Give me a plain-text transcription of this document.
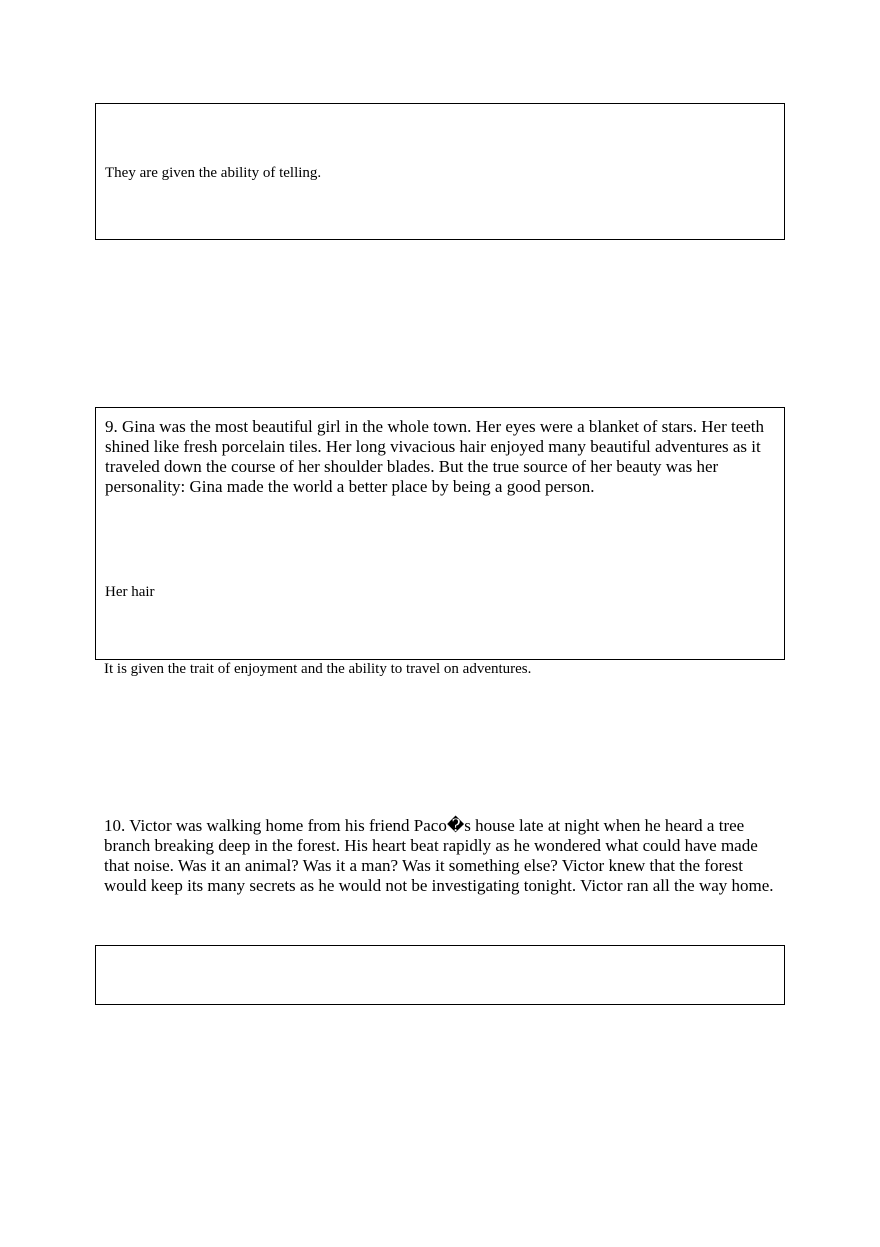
They are given the ability of telling.

9. Gina was the most beautiful girl in the whole town. Her eyes were a blanket of stars. Her teeth shined like fresh porcelain tiles. Her long vivacious hair enjoyed many beautiful adventures as it traveled down the course of her shoulder blades. But the true source of her beauty was her personality: Gina made the world a better place by being a good person.

Her hair

It is given the trait of enjoyment and the ability to travel on adventures.

10. Victor was walking home from his friend Paco�s house late at night when he heard a tree branch breaking deep in the forest. His heart beat rapidly as he wondered what could have made that noise. Was it an animal? Was it a man? Was it something else? Victor knew that the forest would keep its many secrets as he would not be investigating tonight. Victor ran all the way home.
